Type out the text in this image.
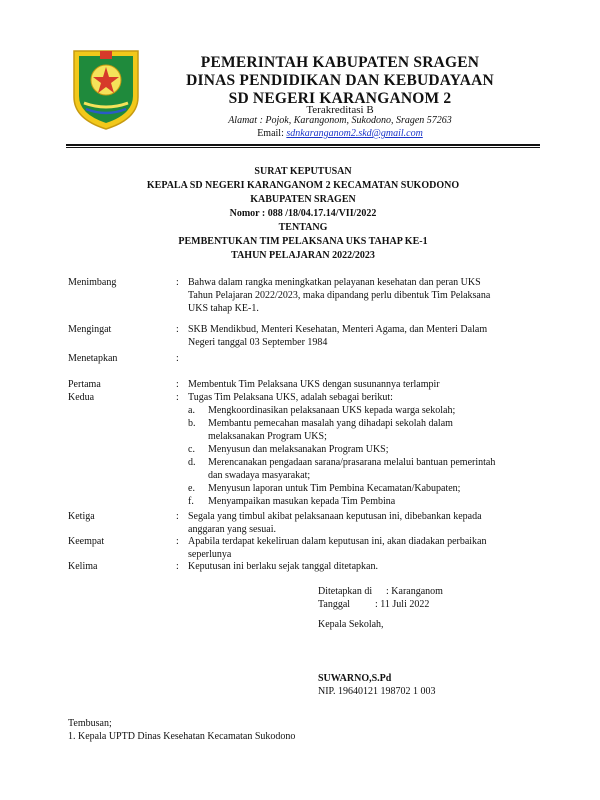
PEMERINTAH KABUPATEN SRAGEN
DINAS PENDIDIKAN DAN KEBUDAYAAN
SD NEGERI KARANGANOM 2
Terakreditasi B
Alamat : Pojok, Karangonom, Sukodono, Sragen 57263
Email: sdnkaranganom2.skd@gmail.com
SURAT KEPUTUSAN
KEPALA SD NEGERI KARANGANOM 2 KECAMATAN SUKODONO
KABUPATEN SRAGEN
Nomor : 088 /18/04.17.14/VII/2022
TENTANG
PEMBENTUKAN TIM PELAKSANA UKS TAHAP KE-1
TAHUN PELAJARAN 2022/2023
Menimbang	: Bahwa dalam rangka meningkatkan pelayanan kesehatan dan peran UKS
Tahun Pelajaran 2022/2023, maka dipandang perlu dibentuk Tim Pelaksana
UKS tahap KE-1.
Mengingat	: SKB Mendikbud, Menteri Kesehatan, Menteri Agama, dan Menteri Dalam
Negeri tanggal 03 September 1984
Menetapkan	:
Pertama	: Membentuk Tim Pelaksana UKS dengan susunannya terlampir
Kedua	: Tugas Tim Pelaksana UKS, adalah sebagai berikut:
a. Mengkoordinasikan pelaksanaan UKS kepada warga sekolah;
b. Membantu pemecahan masalah yang dihadapi sekolah dalam
melaksanakan Program UKS;
c. Menyusun dan melaksanakan Program UKS;
d. Merencanakan pengadaan sarana/prasarana melalui bantuan pemerintah
dan swadaya masyarakat;
e. Menyusun laporan untuk Tim Pembina Kecamatan/Kabupaten;
f. Menyampaikan masukan kepada Tim Pembina
Ketiga	: Segala yang timbul akibat pelaksanaan keputusan ini, dibebankan kepada
anggaran yang sesuai.
Keempat	: Apabila terdapat kekeliruan dalam keputusan ini, akan diadakan perbaikan
seperlunya
Kelima	: Keputusan ini berlaku sejak tanggal ditetapkan.
Ditetapkan di : Karanganom
Tanggal : 11 Juli 2022
Kepala Sekolah,
SUWARNO,S.Pd
NIP. 19640121 198702 1 003
Tembusan;
1. Kepala UPTD Dinas Kesehatan Kecamatan Sukodono
